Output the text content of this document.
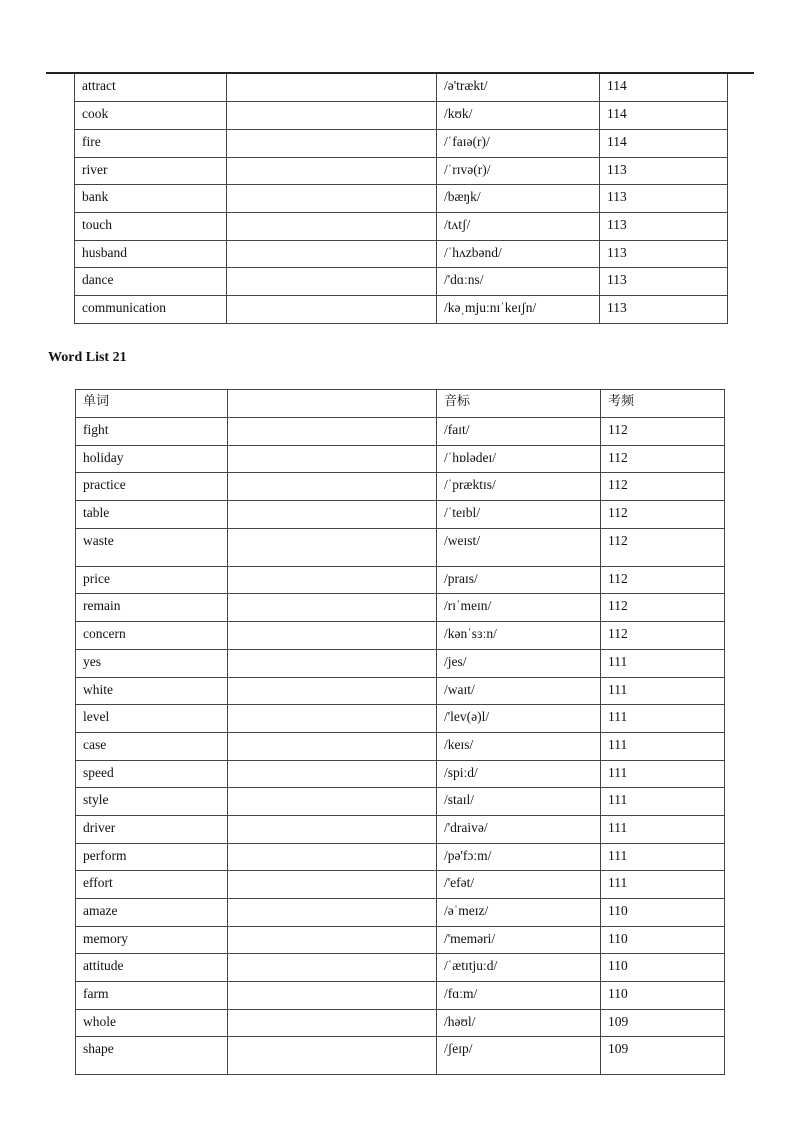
attract		/ə'trækt/	114
cook		/kʊk/	114
fire		/ˈfaɪə(r)/	114
river		/ˈrɪvə(r)/	113
bank		/bæŋk/	113
touch		/tʌtʃ/	113
husband		/ˈhʌzbənd/	113
dance		/'dɑːns/	113
communication		/kəˌmjuːnɪˈkeɪʃn/	113
Word List 21
单词		音标	考频
fight		/faɪt/	112
holiday		/ˈhɒlədeɪ/	112
practice		/ˈpræktɪs/	112
table		/ˈteɪbl/	112
waste		/weɪst/	112
price		/praɪs/	112
remain		/rɪˈmeɪn/	112
concern		/kənˈsɜːn/	112
yes		/jes/	111
white		/waɪt/	111
level		/'lev(ə)l/	111
case		/keɪs/	111
speed		/spiːd/	111
style		/staɪl/	111
driver		/'draivə/	111
perform		/pə'fɔːm/	111
effort		/'efət/	111
amaze		/əˈmeɪz/	110
memory		/'meməri/	110
attitude		/ˈætɪtjuːd/	110
farm		/fɑːm/	110
whole		/həʊl/	109
shape		/ʃeɪp/	109
